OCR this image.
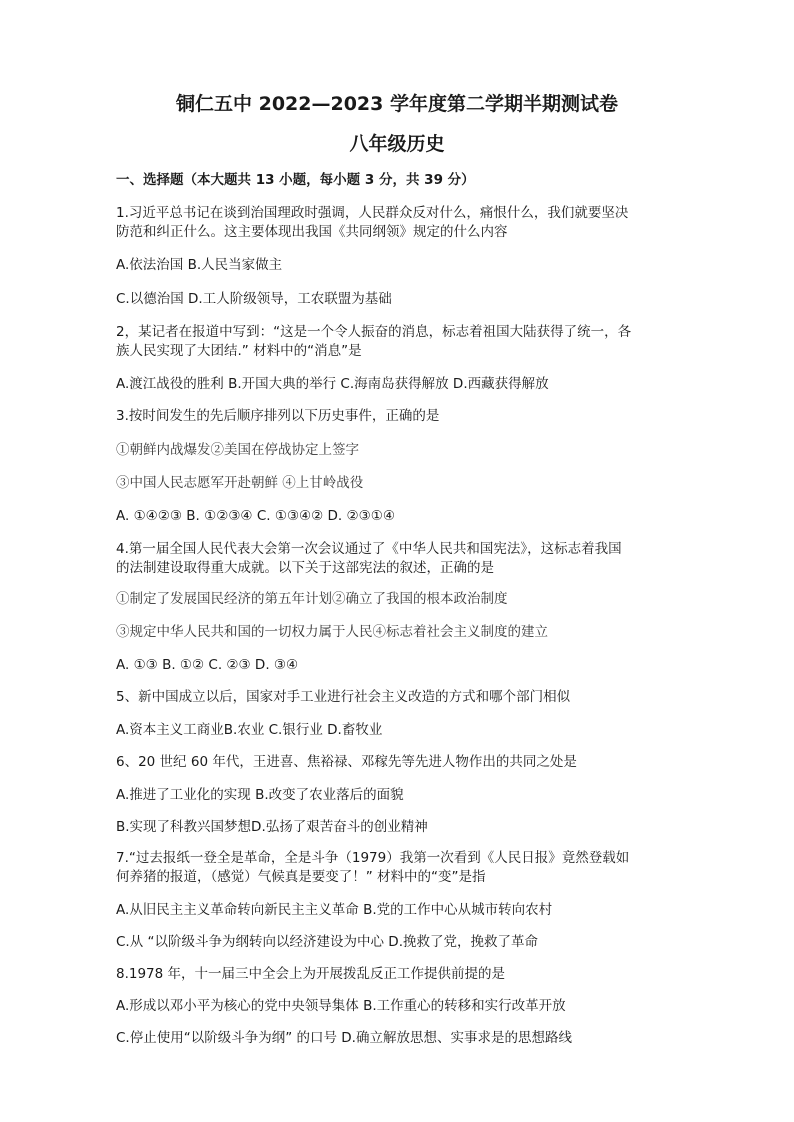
铜仁五中 2022—2023 学年度第二学期半期测试卷
八年级历史
一、选择题（本大题共 13 小题，每小题 3 分，共 39 分）
1.习近平总书记在谈到治国理政时强调，人民群众反对什么，痛恨什么，我们就要坚决
防范和纠正什么。这主要体现出我国《共同纲领》规定的什么内容
A.依法治国 B.人民当家做主
C.以德治国 D.工人阶级领导，工农联盟为基础
2，某记者在报道中写到：“这是一个令人振奋的消息，标志着祖国大陆获得了统一，各
族人民实现了大团结.” 材料中的“消息”是
A.渡江战役的胜利 B.开国大典的举行 C.海南岛获得解放 D.西藏获得解放
3.按时间发生的先后顺序排列以下历史事件，正确的是
①朝鲜内战爆发②美国在停战协定上签字
③中国人民志愿军开赴朝鲜 ④上甘岭战役
A. ①④②③ B. ①②③④ C. ①③④② D. ②③①④
4.第一届全国人民代表大会第一次会议通过了《中华人民共和国宪法》，这标志着我国
的法制建设取得重大成就。以下关于这部宪法的叙述，正确的是
①制定了发展国民经济的第五年计划②确立了我国的根本政治制度
③规定中华人民共和国的一切权力属于人民④标志着社会主义制度的建立
A. ①③ B. ①② C. ②③ D. ③④
5、新中国成立以后，国家对手工业进行社会主义改造的方式和哪个部门相似
A.资本主义工商业B.农业 C.银行业 D.畜牧业
6、20 世纪 60 年代，王进喜、焦裕禄、邓稼先等先进人物作出的共同之处是
A.推进了工业化的实现 B.改变了农业落后的面貌
B.实现了科教兴国梦想D.弘扬了艰苦奋斗的创业精神
7.“过去报纸一登全是革命，全是斗争（1979）我第一次看到《人民日报》竟然登载如
何养猪的报道，（感觉）气候真是要变了！” 材料中的“变”是指
A.从旧民主主义革命转向新民主主义革命 B.党的工作中心从城市转向农村
C.从 “以阶级斗争为纲转向以经济建设为中心 D.挽救了党，挽救了革命
8.1978 年，十一届三中全会上为开展拨乱反正工作提供前提的是
A.形成以邓小平为核心的党中央领导集体 B.工作重心的转移和实行改革开放
C.停止使用“以阶级斗争为纲” 的口号 D.确立解放思想、实事求是的思想路线
